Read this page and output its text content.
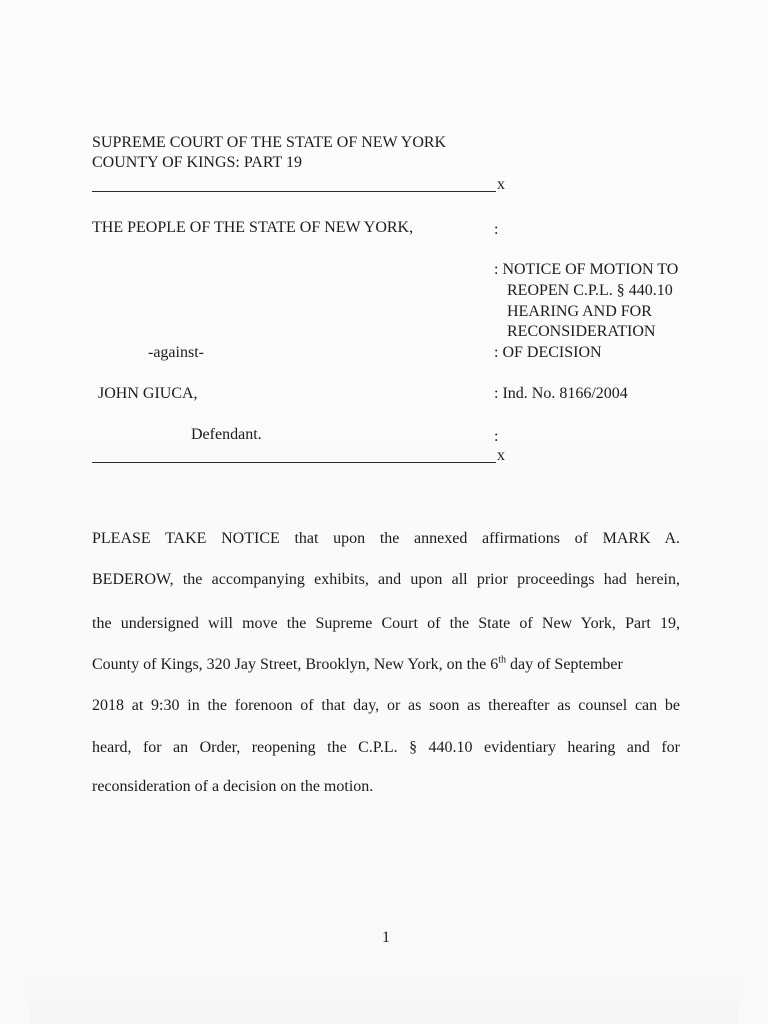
SUPREME COURT OF THE STATE OF NEW YORK
COUNTY OF KINGS: PART 19
x
THE PEOPLE OF THE STATE OF NEW YORK,	:
: NOTICE OF MOTION TO
REOPEN C.P.L. § 440.10
HEARING AND FOR
RECONSIDERATION
: OF DECISION
-against-
JOHN GIUCA,	: Ind. No. 8166/2004
Defendant.	:
x
PLEASE TAKE NOTICE that upon the annexed affirmations of MARK A.
BEDEROW, the accompanying exhibits, and upon all prior proceedings had herein,
the undersigned will move the Supreme Court of the State of New York, Part 19,
County of Kings, 320 Jay Street, Brooklyn, New York, on the 6th day of September
2018 at 9:30 in the forenoon of that day, or as soon as thereafter as counsel can be
heard, for an Order, reopening the C.P.L. § 440.10 evidentiary hearing and for
reconsideration of a decision on the motion.
1
